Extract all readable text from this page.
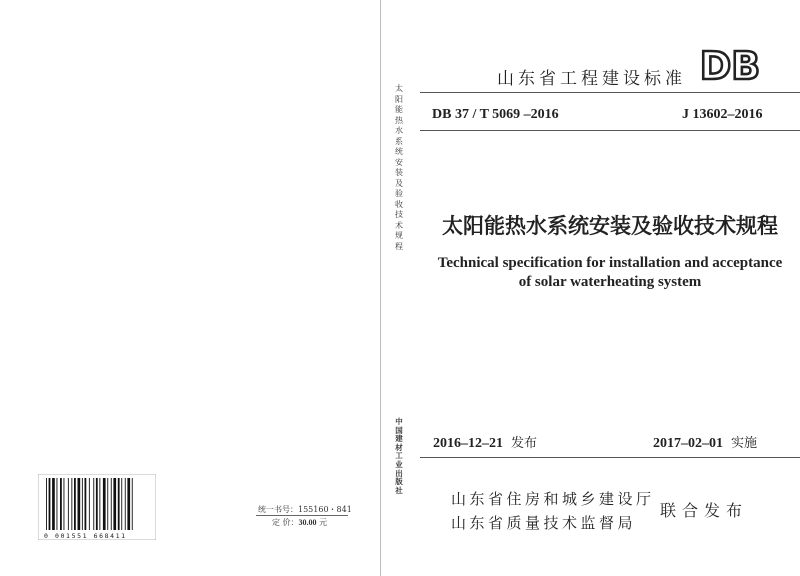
太阳能热水系统安装及验收技术规程
中国建材工业出版社
山东省工程建设标准 DB
DB 37 / T 5069 –2016	J 13602–2016
太阳能热水系统安装及验收技术规程
Technical specification for installation and acceptance
of solar waterheating system
2016–12–21 发布	2017–02–01 实施
山东省住房和城乡建设厅
山东省质量技术监督局
联合发布
0 001551 668411
统一书号：155160・841
定 价：30.00 元
